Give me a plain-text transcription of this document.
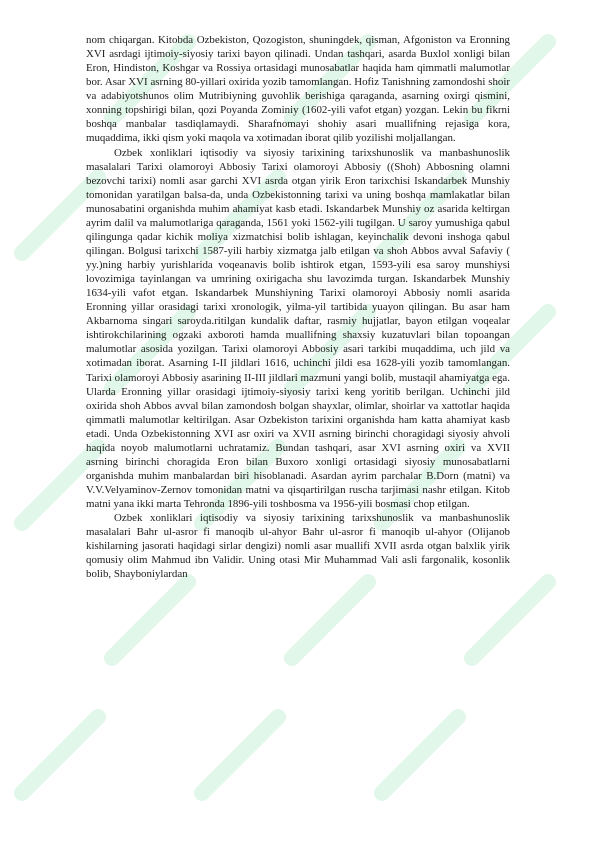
nom chiqargan. Kitobda Ozbekiston, Qozogiston, shuningdek, qisman, Afgoniston va Eronning XVI asrdagi ijtimoiy-siyosiy tarixi bayon qilinadi. Undan tashqari, asarda Buxlol xonligi bilan Eron, Hindiston, Koshgar va Rossiya ortasidagi munosabatlar haqida ham qimmatli malumotlar bor. Asar XVI asrning 80-yillari oxirida yozib tamomlangan. Hofiz Tanishning zamondoshi shoir va adabiyotshunos olim Mutribiyning guvohlik berishiga qaraganda, asarning oxirgi qismini, xonning topshirigi bilan, qozi Poyanda Zominiy (1602-yili vafot etgan) yozgan. Lekin bu fikrni boshqa manbalar tasdiqlamaydi. Sharafnomayi shohiy asari muallifning rejasiga kora, muqaddima, ikki qism yoki maqola va xotimadan iborat qilib yozilishi moljallangan.

Ozbek xonliklari iqtisodiy va siyosiy tarixining tarixshunoslik va manbashunoslik masalalari Tarixi olamoroyi Abbosiy Tarixi olamoroyi Abbosiy ((Shoh) Abbosning olamni bezovchi tarixi) nomli asar garchi XVI asrda otgan yirik Eron tarixchisi Iskandarbek Munshiy tomonidan yaratilgan balsa-da, unda Ozbekistonning tarixi va uning boshqa mamlakatlar bilan munosabatini organishda muhim ahamiyat kasb etadi. Iskandarbek Munshiy oz asarida keltirgan ayrim dalil va malumotlariga qaraganda, 1561 yoki 1562-yili tugilgan. U saroy yumushiga qabul qilingunga qadar kichik moliya xizmatchisi bolib ishlagan, keyinchalik devoni inshoga qabul qilingan. Bolgusi tarixchi 1587-yili harbiy xizmatga jalb etilgan va shoh Abbos avval Safaviy ( yy.)ning harbiy yurishlarida voqeanavis bolib ishtirok etgan, 1593-yili esa saroy munshiysi lovozimiga tayinlangan va umrining oxirigacha shu lavozimda turgan. Iskandarbek Munshiy 1634-yili vafot etgan. Iskandarbek Munshiyning Tarixi olamoroyi Abbosiy nomli asarida Eronning yillar orasidagi tarixi xronologik, yilma-yil tartibida yuayon qilingan. Bu asar ham Akbarnoma singari saroyda.ritilgan kundalik daftar, rasmiy hujjatlar, bayon etilgan voqealar ishtirokchilarining ogzaki axboroti hamda muallifning shaxsiy kuzatuvlari bilan topoangan malumotlar asosida yozilgan. Tarixi olamoroyi Abbosiy asari tarkibi muqaddima, uch jild va xotimadan iborat. Asarning I-II jildlari 1616, uchinchi jildi esa 1628-yili yozib tamomlangan. Tarixi olamoroyi Abbosiy asarining II-III jildlari mazmuni yangi bolib, mustaqil ahamiyatga ega. Ularda Eronning yillar orasidagi ijtimoiy-siyosiy tarixi keng yoritib berilgan. Uchinchi jild oxirida shoh Abbos avval bilan zamondosh bolgan shayxlar, olimlar, shoirlar va xattotlar haqida qimmatli malumotlar keltirilgan. Asar Ozbekiston tarixini organishda ham katta ahamiyat kasb etadi. Unda Ozbekistonning XVI asr oxiri va XVII asrning birinchi choragidagi siyosiy ahvoli haqida noyob malumotlarni uchratamiz. Bundan tashqari, asar XVI asrning oxiri va XVII asrning birinchi choragida Eron bilan Buxoro xonligi ortasidagi siyosiy munosabatlarni organishda muhim manbalardan biri hisoblanadi. Asardan ayrim parchalar B.Dorn (matni) va V.V.Velyaminov-Zernov tomonidan matni va qisqartirilgan ruscha tarjimasi nashr etilgan. Kitob matni yana ikki marta Tehronda 1896-yili toshbosma va 1956-yili bosmasi chop etilgan.

Ozbek xonliklari iqtisodiy va siyosiy tarixining tarixshunoslik va manbashunoslik masalalari Bahr ul-asror fi manoqib ul-ahyor Bahr ul-asror fi manoqib ul-ahyor (Olijanob kishilarning jasorati haqidagi sirlar dengizi) nomli asar muallifi XVII asrda otgan balxlik yirik qomusiy olim Mahmud ibn Validir. Uning otasi Mir Muhammad Vali asli fargonalik, kosonlik bolib, Shayboniylardan
